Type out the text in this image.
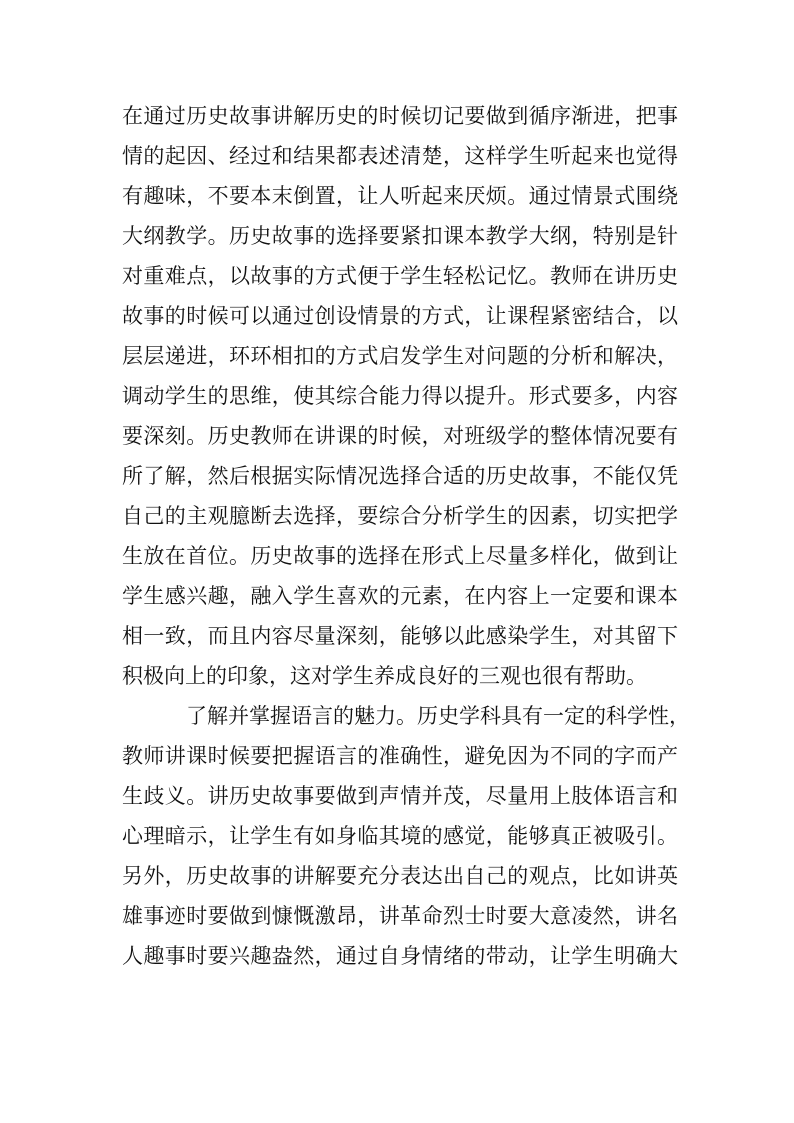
在通过历史故事讲解历史的时候切记要做到循序渐进，把事
情的起因、经过和结果都表述清楚，这样学生听起来也觉得
有趣味，不要本末倒置，让人听起来厌烦。通过情景式围绕
大纲教学。历史故事的选择要紧扣课本教学大纲，特别是针
对重难点，以故事的方式便于学生轻松记忆。教师在讲历史
故事的时候可以通过创设情景的方式，让课程紧密结合，以
层层递进，环环相扣的方式启发学生对问题的分析和解决，
调动学生的思维，使其综合能力得以提升。形式要多，内容
要深刻。历史教师在讲课的时候，对班级学的整体情况要有
所了解，然后根据实际情况选择合适的历史故事，不能仅凭
自己的主观臆断去选择，要综合分析学生的因素，切实把学
生放在首位。历史故事的选择在形式上尽量多样化，做到让
学生感兴趣，融入学生喜欢的元素，在内容上一定要和课本
相一致，而且内容尽量深刻，能够以此感染学生，对其留下
积极向上的印象，这对学生养成良好的三观也很有帮助。
了解并掌握语言的魅力。历史学科具有一定的科学性，
教师讲课时候要把握语言的准确性，避免因为不同的字而产
生歧义。讲历史故事要做到声情并茂，尽量用上肢体语言和
心理暗示，让学生有如身临其境的感觉，能够真正被吸引。
另外，历史故事的讲解要充分表达出自己的观点，比如讲英
雄事迹时要做到慷慨激昂，讲革命烈士时要大意凌然，讲名
人趣事时要兴趣盎然，通过自身情绪的带动，让学生明确大
